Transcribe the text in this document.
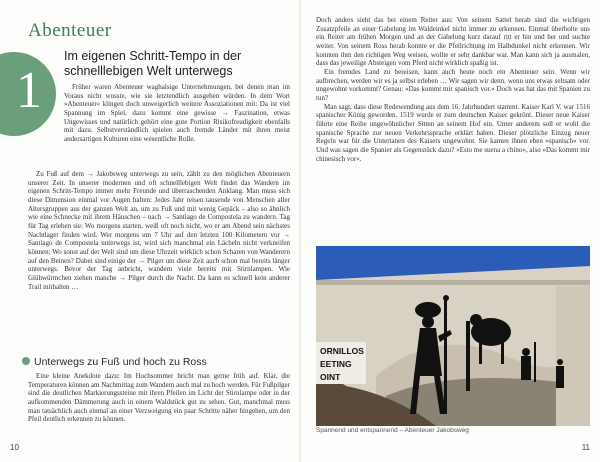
Abenteuer
1
Im eigenen Schritt-Tempo in der schnelllebigen Welt unterwegs

Früher waren Abenteuer waghalsige Unternehmungen, bei denen man im Voraus nicht wusste, wie sie letztendlich ausgehen würden. In dem Wort »Abenteuer« klingen doch unweigerlich weitere Assoziationen mit: Da ist viel Spannung im Spiel, dazu kommt eine gewisse → Faszination, etwas Ungewisses und natürlich gehört eine gute Portion Risikofreudigkeit ebenfalls mit dazu. Selbstverständlich spielen auch fremde Länder mit ihren meist andersartigen Kulturen eine wesentliche Rolle.

Zu Fuß auf dem → Jakobsweg unterwegs zu sein, zählt zu den möglichen Abenteuern unserer Zeit. In unserer modernen und oft schnelllebigen Welt findet das Wandern im eigenen Schritt-Tempo immer mehr Freunde und überraschenden Anklang. Man muss sich diese Dimension einmal vor Augen halten: Jedes Jahr reisen tausende von Menschen aller Altersgruppen aus der ganzen Welt an, um zu Fuß und mit wenig Gepäck – also so ähnlich wie eine Schnecke mit ihrem Häuschen – nach → Santiago de Compostela zu wandern. Tag für Tag erleben sie: Wo morgens starten, weiß oft noch nicht, wo er am Abend sein nächstes Nachtlager finden wird. Wer morgens um 7 Uhr auf den letzten 100 Kilometern vor → Santiago de Compostela unterwegs ist, wird sich manchmal ein Lächeln nicht verkneifen können: Wo sonst auf der Welt sind um diese Uhrzeit wirklich schon Scharen von Wanderern auf den Beinen? Dabei sind einige der → Pilger um diese Zeit auch schon mal bereits länger unterwegs. Bevor der Tag anbricht, wandern viele bereits mit Stirnlampen. Wie Glühwürmchen ziehen manche → Pilger durch die Nacht. Da kann es schnell kein anderer Trail mithalten …

Unterwegs zu Fuß und hoch zu Ross

Eine kleine Anekdote dazu: Im Hochsommer bricht man gerne früh auf. Klar, die Temperaturen können am Nachmittag zum Wandern auch mal zu hoch werden. Für Fußpilger sind die deutlichen Markierungssteine mit ihren Pfeilen im Licht der Stirnlampe oder in der aufkommenden Dämmerung auch in einem Waldstück gut zu sehen. Gut, manchmal muss man tatsächlich auch einmal an einer Verzweigung ein paar Schritte näher hingehen, um den Pfeil deutlich erkennen zu können.

10

Doch anders sieht das bei einem Reiter aus: Von seinem Sattel herab sind die wichtigen Zusatzpfeile an einer Gabelung im Waldeinkel nicht immer zu erkennen. Einmal überholte uns ein Reiter am frühen Morgen und an der Gabelung kurz darauf ritt er hin und her und suchte weiter. Von seinem Ross herab konnte er die Pfeilrichtung im Halbdunkel nicht erkennen. Wir konnten ihm den richtigen Weg weisen, wollte er sehr dankbar war. Man kann sich ja ausmalen, dass das jeweilige Absteigen vom Pferd nicht wirklich spaßig ist.

Ein fremdes Land zu bereisen, kann auch heute noch ein Abenteuer sein. Wenn wir aufbrechen, werden wir es ja selbst erleben … Wir sagen wir denn, wenn uns etwas seltsam oder ungewohnt vorkommt? Genau: »Das kommt mir spanisch vor.« Doch was hat das mit Spanien zu tun?

Man sagt, dass diese Redewendung aus dem 16. Jahrhundert stammt. Kaiser Karl V. war 1516 spanischer König geworden. 1519 wurde er zum deutschen Kaiser gekrönt. Dieser neue Kaiser führte eine Reihe ungewöhnlicher Sitten an seinem Hof ein. Unter anderem soll er wohl die spanische Sprache zur neuen Verkehrssprache erklärt haben. Dieser plötzliche Einzug neuer Regeln war für die Untertanen des Kaisers ungewohnt. Sie kamen ihnen eben »spanisch« vor. Und was sagen die Spanier als Gegenstück dazu? »Esto me suena a chino«, also »Das kommt mir chinesisch vor«.

ORNILLOS
EETING
OINT
Spannend und entspannend – Abenteuer Jakobsweg
11
